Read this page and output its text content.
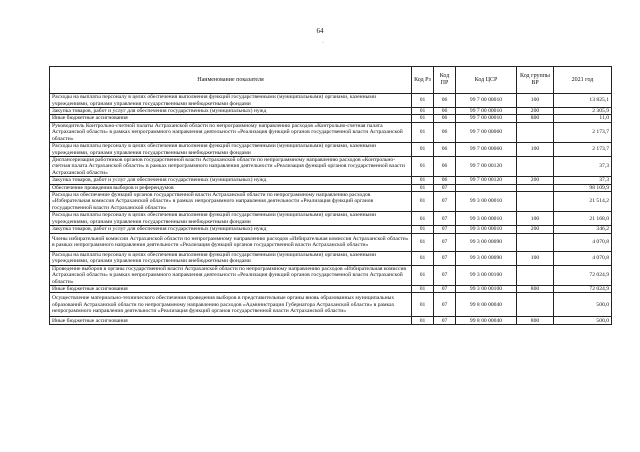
64
·
Наименование показателя	Код Рз	Код ПР	Код ЦСР	Код группы ВР	2021 год
Расходы на выплаты персоналу в целях обеспечения выполнения функций государственными (муниципальными) органами, казенными учреждениями, органами управления государственными внебюджетными фондами	01	06	99 7 00 00010	100	13 825,1
Закупка товаров, работ и услуг для обеспечения государственных (муниципальных) нужд	01	06	99 7 00 00010	200	2 305,9
Иные бюджетные ассигнования	01	06	99 7 00 00010	800	11,0
Руководитель Контрольно-счетной палаты Астраханской области по непрограммному направлению расходов «Контрольно-счетная палата Астраханской области» в рамках непрограммного направления деятельности «Реализация функций органов государственной власти Астраханской области»	01	06	99 7 00 00060		2 173,7
Расходы на выплаты персоналу в целях обеспечения выполнения функций государственными (муниципальными) органами, казенными учреждениями, органами управления государственными внебюджетными фондами	01	06	99 7 00 00060	100	2 173,7
Диспансеризация работников органов государственной власти Астраханской области по непрограммному направлению расходов «Контрольно-счетная палата Астраханской области» в рамках непрограммного направления деятельности «Реализация функций органов государственной власти Астраханской области»	01	06	99 7 00 00120		37,3
Закупка товаров, работ и услуг для обеспечения государственных (муниципальных) нужд	01	06	99 7 00 00120	200	37,3
Обеспечение проведения выборов и референдумов	01	07			98 109,9
Расходы на обеспечение функций органов государственной власти Астраханской области по непрограммному направлению расходов «Избирательная комиссия Астраханской области» в рамках непрограммного направления деятельности «Реализация функций органов государственной власти Астраханской области»	01	07	99 3 00 00010		21 514,2
Расходы на выплаты персоналу в целях обеспечения выполнения функций государственными (муниципальными) органами, казенными учреждениями, органами управления государственными внебюджетными фондами	01	07	99 3 00 00010	100	21 168,0
Закупка товаров, работ и услуг для обеспечения государственных (муниципальных) нужд	01	07	99 3 00 00010	200	346,2
Члены избирательной комиссии Астраханской области по непрограммному направлению расходов «Избирательная комиссия Астраханской области» в рамках непрограммного направления деятельности «Реализация функций органов государственной власти Астраханской области»	01	07	99 3 00 00090		4 070,8
Расходы на выплаты персоналу в целях обеспечения выполнения функций государственными (муниципальными) органами, казенными учреждениями, органами управления государственными внебюджетными фондами	01	07	99 3 00 00090	100	4 070,8
Проведение выборов в органы государственной власти Астраханской области по непрограммному направлению расходов «Избирательная комиссия Астраханской области» в рамках непрограммного направления деятельности «Реализация функций органов государственной власти Астраханской области»	01	07	99 3 00 00100		72 024,9
Иные бюджетные ассигнования	01	07	99 3 00 00100	800	72 024,9
Осуществление материально-технического обеспечения проведения выборов в представительные органы вновь образованных муниципальных образований Астраханской области по непрограммному направлению расходов «Администрация Губернатора Астраханской области» в рамках непрограммного направления деятельности «Реализация функций органов государственной власти Астраханской области»	01	07	99 8 00 00040		500,0
Иные бюджетные ассигнования	01	07	99 8 00 00040	800	500,0
